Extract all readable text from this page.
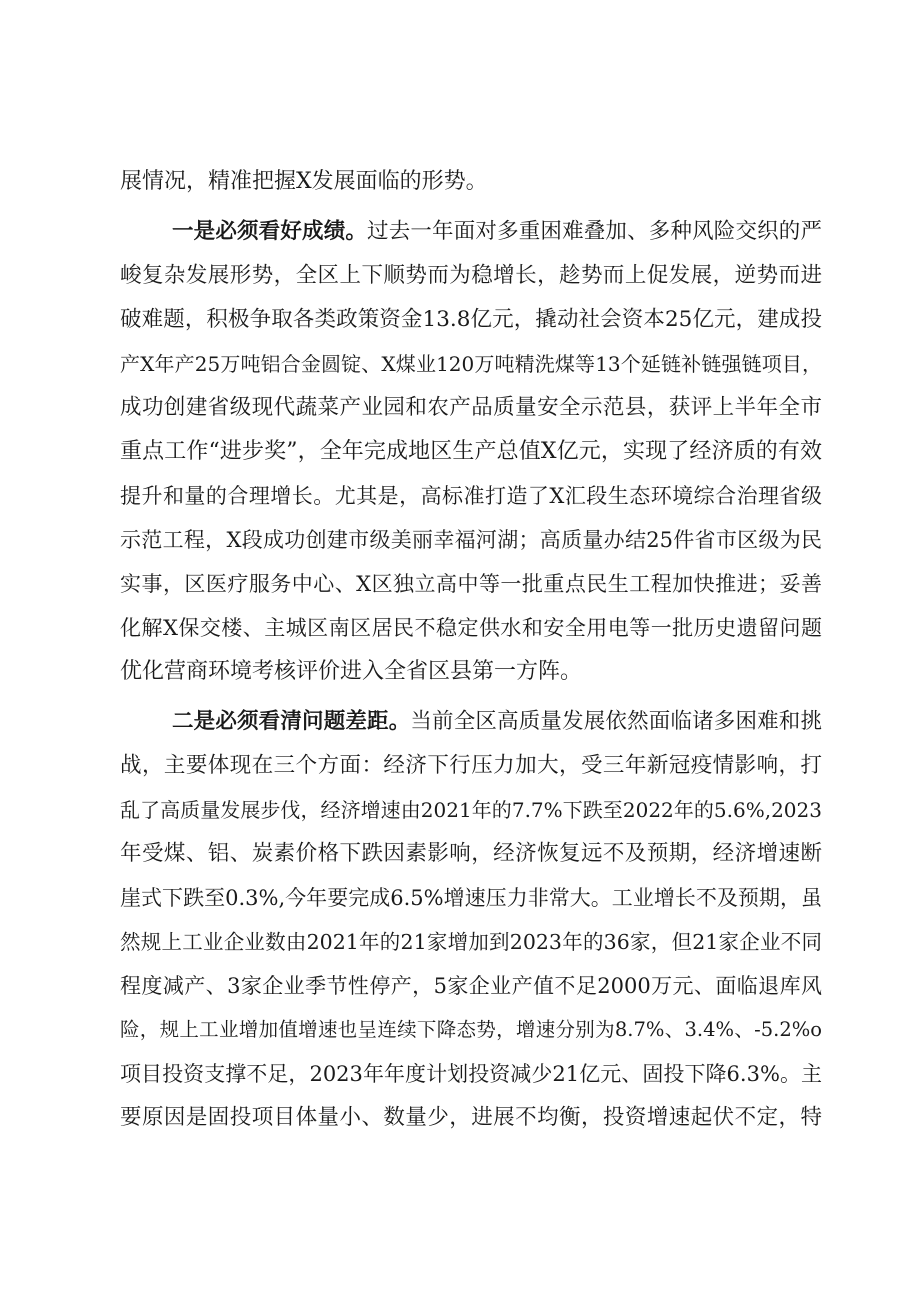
展情况，精准把握X发展面临的形势。

一是必须看好成绩。过去一年面对多重困难叠加、多种风险交织的严

峻复杂发展形势，全区上下顺势而为稳增长，趁势而上促发展，逆势而进

破难题，积极争取各类政策资金13.8亿元，撬动社会资本25亿元，建成投

产X年产25万吨铝合金圆锭、X煤业120万吨精洗煤等13个延链补链强链项目，

成功创建省级现代蔬菜产业园和农产品质量安全示范县，获评上半年全市

重点工作“进步奖”，全年完成地区生产总值X亿元，实现了经济质的有效

提升和量的合理增长。尤其是，高标准打造了X汇段生态环境综合治理省级

示范工程，X段成功创建市级美丽幸福河湖；高质量办结25件省市区级为民

实事，区医疗服务中心、X区独立高中等一批重点民生工程加快推进；妥善

化解X保交楼、主城区南区居民不稳定供水和安全用电等一批历史遗留问题

优化营商环境考核评价进入全省区县第一方阵。

二是必须看清问题差距。当前全区高质量发展依然面临诸多困难和挑

战，主要体现在三个方面：经济下行压力加大，受三年新冠疫情影响，打

乱了高质量发展步伐，经济增速由2021年的7.7%下跌至2022年的5.6%,2023

年受煤、铝、炭素价格下跌因素影响，经济恢复远不及预期，经济增速断

崖式下跌至0.3%,今年要完成6.5%增速压力非常大。工业增长不及预期，虽

然规上工业企业数由2021年的21家增加到2023年的36家，但21家企业不同

程度减产、3家企业季节性停产，5家企业产值不足2000万元、面临退库风

险，规上工业增加值增速也呈连续下降态势，增速分别为8.7%、3.4%、-5.2%o

项目投资支撑不足，2023年年度计划投资减少21亿元、固投下降6.3%。主

要原因是固投项目体量小、数量少，进展不均衡，投资增速起伏不定，特
